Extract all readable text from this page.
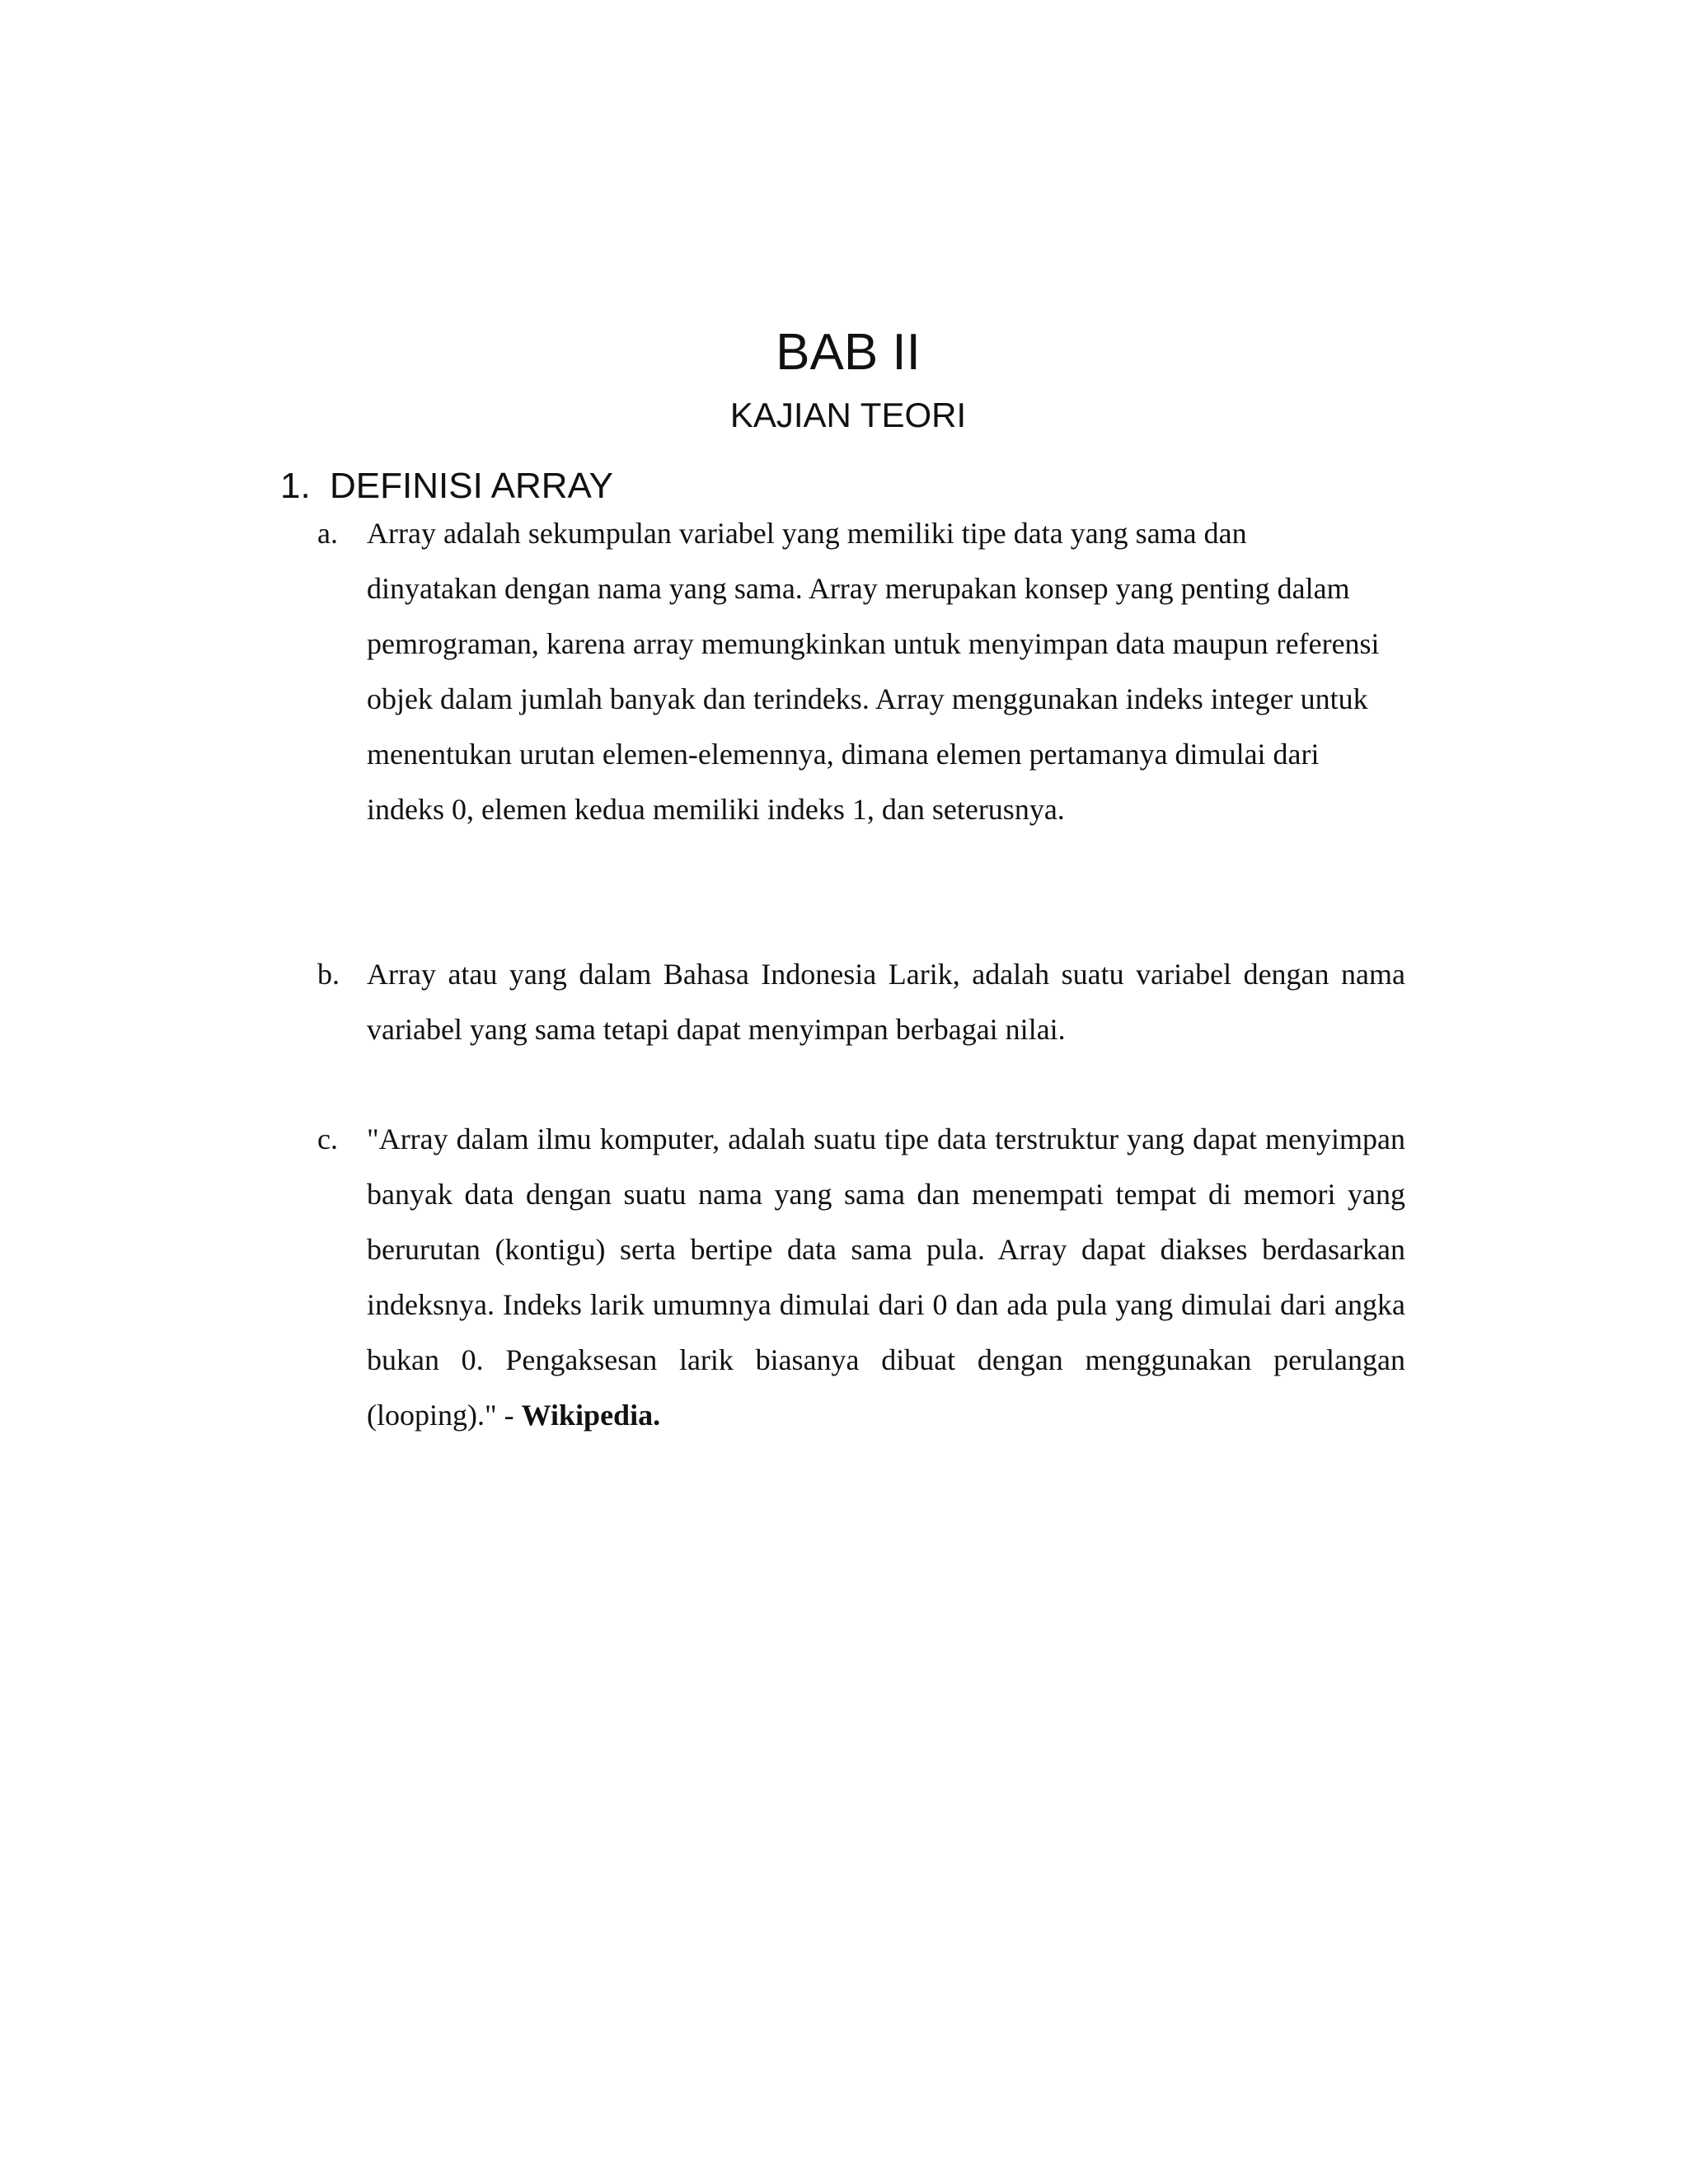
BAB II
KAJIAN TEORI
1. DEFINISI ARRAY
a. Array adalah sekumpulan variabel yang memiliki tipe data yang sama dan dinyatakan dengan nama yang sama. Array merupakan konsep yang penting dalam pemrograman, karena array memungkinkan untuk menyimpan data maupun referensi objek dalam jumlah banyak dan terindeks. Array menggunakan indeks integer untuk menentukan urutan elemen-elemennya, dimana elemen pertamanya dimulai dari indeks 0, elemen kedua memiliki indeks 1, dan seterusnya.
b. Array atau yang dalam Bahasa Indonesia Larik, adalah suatu variabel dengan nama variabel yang sama tetapi dapat menyimpan berbagai nilai.
c. "Array dalam ilmu komputer, adalah suatu tipe data terstruktur yang dapat menyimpan banyak data dengan suatu nama yang sama dan menempati tempat di memori yang berurutan (kontigu) serta bertipe data sama pula. Array dapat diakses berdasarkan indeksnya. Indeks larik umumnya dimulai dari 0 dan ada pula yang dimulai dari angka bukan 0. Pengaksesan larik biasanya dibuat dengan menggunakan perulangan (looping)." - Wikipedia.
